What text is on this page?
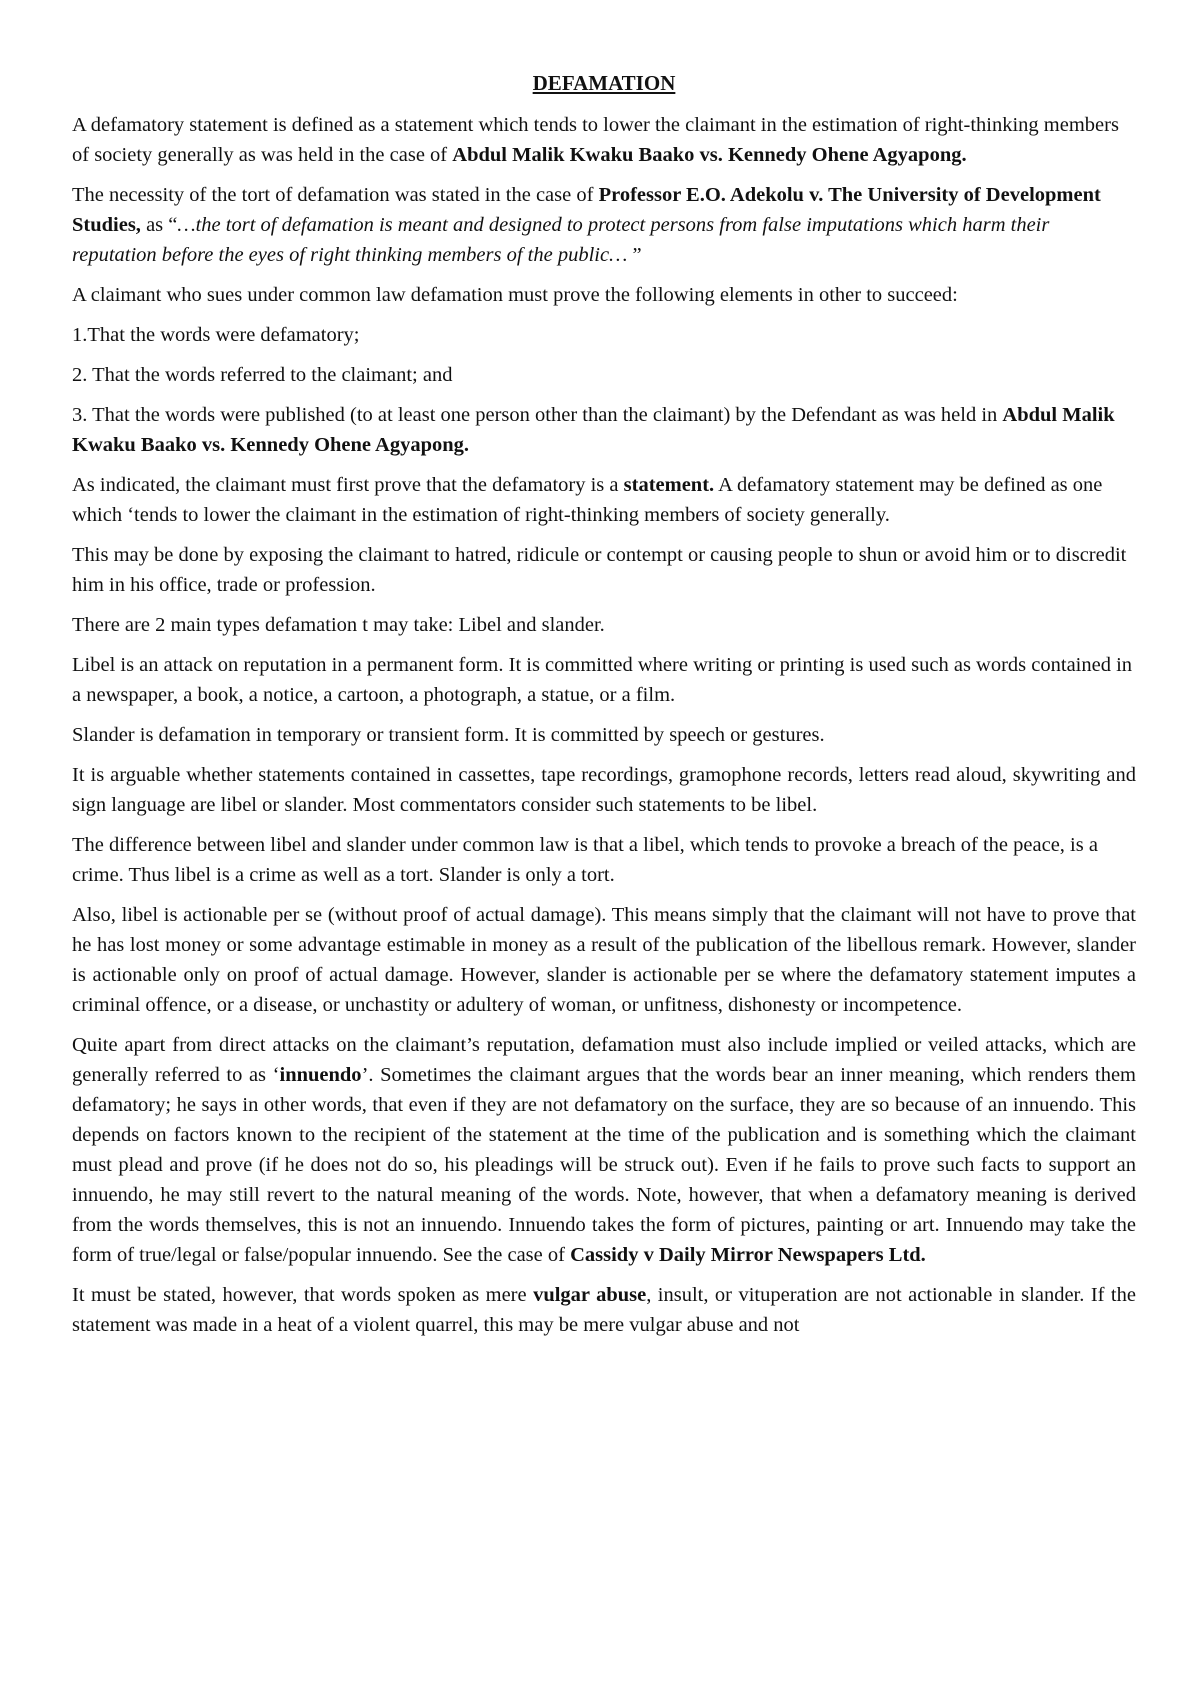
DEFAMATION

A defamatory statement is defined as a statement which tends to lower the claimant in the estimation of right-thinking members of society generally as was held in the case of Abdul Malik Kwaku Baako vs. Kennedy Ohene Agyapong.

The necessity of the tort of defamation was stated in the case of Professor E.O. Adekolu v. The University of Development Studies, as “…the tort of defamation is meant and designed to protect persons from false imputations which harm their reputation before the eyes of right thinking members of the public… ”

A claimant who sues under common law defamation must prove the following elements in other to succeed:

1.That the words were defamatory;

2. That the words referred to the claimant; and

3. That the words were published (to at least one person other than the claimant) by the Defendant as was held in Abdul Malik Kwaku Baako vs. Kennedy Ohene Agyapong.

As indicated, the claimant must first prove that the defamatory is a statement. A defamatory statement may be defined as one which ‘tends to lower the claimant in the estimation of right-thinking members of society generally.

This may be done by exposing the claimant to hatred, ridicule or contempt or causing people to shun or avoid him or to discredit him in his office, trade or profession.

There are 2 main types defamation t may take: Libel and slander.

Libel is an attack on reputation in a permanent form. It is committed where writing or printing is used such as words contained in a newspaper, a book, a notice, a cartoon, a photograph, a statue, or a film.

Slander is defamation in temporary or transient form. It is committed by speech or gestures.

It is arguable whether statements contained in cassettes, tape recordings, gramophone records, letters read aloud, skywriting and sign language are libel or slander. Most commentators consider such statements to be libel.

The difference between libel and slander under common law is that a libel, which tends to provoke a breach of the peace, is a crime. Thus libel is a crime as well as a tort. Slander is only a tort.

Also, libel is actionable per se (without proof of actual damage). This means simply that the claimant will not have to prove that he has lost money or some advantage estimable in money as a result of the publication of the libellous remark. However, slander is actionable only on proof of actual damage. However, slander is actionable per se where the defamatory statement imputes a criminal offence, or a disease, or unchastity or adultery of woman, or unfitness, dishonesty or incompetence.

Quite apart from direct attacks on the claimant’s reputation, defamation must also include implied or veiled attacks, which are generally referred to as ‘innuendo’. Sometimes the claimant argues that the words bear an inner meaning, which renders them defamatory; he says in other words, that even if they are not defamatory on the surface, they are so because of an innuendo. This depends on factors known to the recipient of the statement at the time of the publication and is something which the claimant must plead and prove (if he does not do so, his pleadings will be struck out). Even if he fails to prove such facts to support an innuendo, he may still revert to the natural meaning of the words. Note, however, that when a defamatory meaning is derived from the words themselves, this is not an innuendo. Innuendo takes the form of pictures, painting or art. Innuendo may take the form of true/legal or false/popular innuendo. See the case of Cassidy v Daily Mirror Newspapers Ltd.

It must be stated, however, that words spoken as mere vulgar abuse, insult, or vituperation are not actionable in slander. If the statement was made in a heat of a violent quarrel, this may be mere vulgar abuse and not
